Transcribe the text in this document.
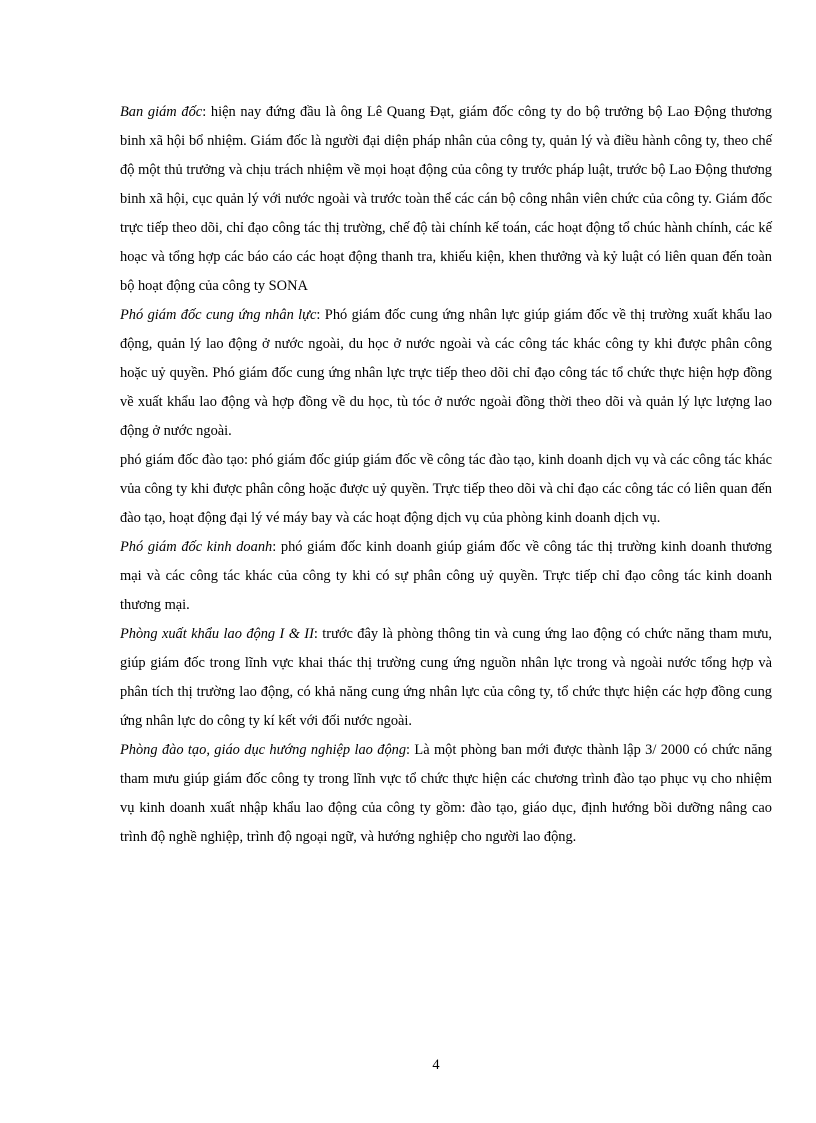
Ban giám đốc: hiện nay đứng đầu là ông Lê Quang Đạt, giám đốc công ty do bộ trưởng bộ Lao Động thương binh xã hội bổ nhiệm. Giám đốc là người đại diện pháp nhân của công ty, quản lý và điều hành công ty, theo chế độ một thủ trưởng và chịu trách nhiệm về mọi hoạt động của công ty trước pháp luật, trước bộ Lao Động thương binh xã hội, cục quản lý với nước ngoài và trước toàn thể các cán bộ công nhân viên chức của công ty. Giám đốc trực tiếp theo dõi, chỉ đạo công tác thị trường, chế độ tài chính kế toán, các hoạt động tổ chúc hành chính, các kế hoạc và tổng hợp các báo cáo các hoạt động thanh tra, khiếu kiện, khen thưởng và kỷ luật có liên quan đến toàn bộ hoạt động của công ty SONA

Phó giám đốc cung ứng nhân lực: Phó giám đốc cung ứng nhân lực giúp giám đốc về thị trường xuất khẩu lao động, quản lý lao động ở nước ngoài, du học ở nước ngoài và các công tác khác công ty khi được phân công hoặc uỷ quyền. Phó giám đốc cung ứng nhân lực trực tiếp theo dõi chỉ đạo công tác tổ chức thực hiện hợp đồng về xuất khẩu lao động và hợp đồng về du học, tù tóc ở nước ngoài đồng thời theo dõi và quản lý lực lượng lao động ở nước ngoài.

phó giám đốc đào tạo: phó giám đốc giúp giám đốc về công tác đào tạo, kinh doanh dịch vụ và các công tác khác vủa công ty khi được phân công hoặc được uỷ quyền. Trực tiếp theo dõi và chỉ đạo các công tác có liên quan đến đào tạo, hoạt động đại lý vé máy bay và các hoạt động dịch vụ của phòng kinh doanh dịch vụ.

Phó giám đốc kinh doanh: phó giám đốc kinh doanh giúp giám đốc về công tác thị trường kinh doanh thương mại và các công tác khác của công ty khi có sự phân công uỷ quyền. Trực tiếp chỉ đạo công tác kinh doanh thương mại.

Phòng xuất khẩu lao động I & II: trước đây là phòng thông tin và cung ứng lao động có chức năng tham mưu, giúp giám đốc trong lĩnh vực khai thác thị trường cung ứng nguồn nhân lực trong và ngoài nước tổng hợp và phân tích thị trường lao động, có khả năng cung ứng nhân lực của công ty, tổ chức thực hiện các hợp đồng cung ứng nhân lực do công ty kí kết với đối nước ngoài.

Phòng đào tạo, giáo dục hướng nghiệp lao động: Là một phòng ban mới được thành lập 3/ 2000 có chức năng tham mưu giúp giám đốc công ty trong lĩnh vực tổ chức thực hiện các chương trình đào tạo phục vụ cho nhiệm vụ kinh doanh xuất nhập khẩu lao động của công ty gồm: đào tạo, giáo dục, định hướng bồi dưỡng nâng cao trình độ nghề nghiệp, trình độ ngoại ngữ, và hướng nghiệp cho người lao động.

4
